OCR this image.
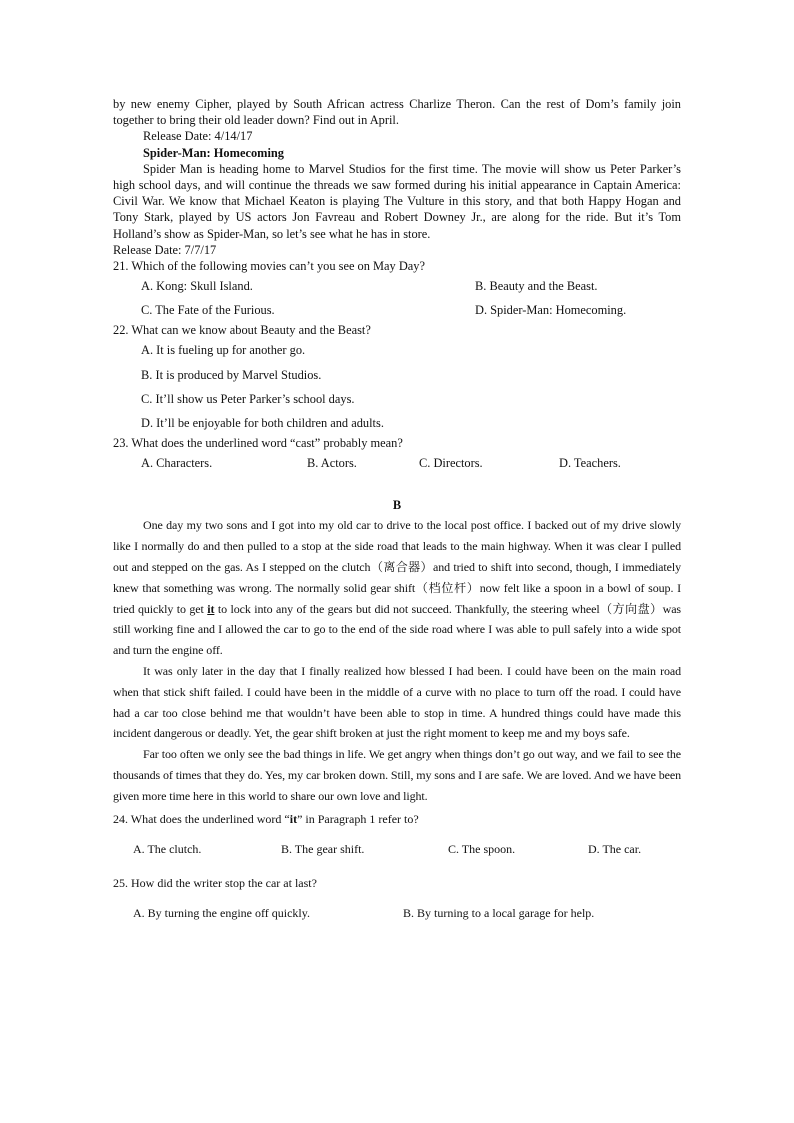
by new enemy Cipher, played by South African actress Charlize Theron. Can the rest of Dom’s family join together to bring their old leader down? Find out in April.

Release Date: 4/14/17

Spider-Man: Homecoming

Spider Man is heading home to Marvel Studios for the first time. The movie will show us Peter Parker’s high school days, and will continue the threads we saw formed during his initial appearance in Captain America: Civil War. We know that Michael Keaton is playing The Vulture in this story, and that both Happy Hogan and Tony Stark, played by US actors Jon Favreau and Robert Downey Jr., are along for the ride. But it’s Tom Holland’s show as Spider-Man, so let’s see what he has in store.

Release Date: 7/7/17

21. Which of the following movies can’t you see on May Day?

A. Kong: Skull Island.	B. Beauty and the Beast.
C. The Fate of the Furious.	D. Spider-Man: Homecoming.

22. What can we know about Beauty and the Beast?

A. It is fueling up for another go.
B. It is produced by Marvel Studios.
C. It’ll show us Peter Parker’s school days.
D. It’ll be enjoyable for both children and adults.

23. What does the underlined word “cast” probably mean?

A. Characters.	B. Actors.	C. Directors.	D. Teachers.
B

One day my two sons and I got into my old car to drive to the local post office. I backed out of my drive slowly like I normally do and then pulled to a stop at the side road that leads to the main highway. When it was clear I pulled out and stepped on the gas. As I stepped on the clutch（离合器）and tried to shift into second, though, I immediately knew that something was wrong. The normally solid gear shift（档位杆）now felt like a spoon in a bowl of soup. I tried quickly to get it to lock into any of the gears but did not succeed. Thankfully, the steering wheel（方向盘）was still working fine and I allowed the car to go to the end of the side road where I was able to pull safely into a wide spot and turn the engine off.

It was only later in the day that I finally realized how blessed I had been. I could have been on the main road when that stick shift failed. I could have been in the middle of a curve with no place to turn off the road. I could have had a car too close behind me that wouldn’t have been able to stop in time. A hundred things could have made this incident dangerous or deadly. Yet, the gear shift broken at just the right moment to keep me and my boys safe.

Far too often we only see the bad things in life. We get angry when things don’t go out way, and we fail to see the thousands of times that they do. Yes, my car broken down. Still, my sons and I are safe. We are loved. And we have been given more time here in this world to share our own love and light.

24. What does the underlined word “it” in Paragraph 1 refer to?

A. The clutch.	B. The gear shift.	C. The spoon.	D. The car.

25. How did the writer stop the car at last?

A. By turning the engine off quickly.	B. By turning to a local garage for help.
